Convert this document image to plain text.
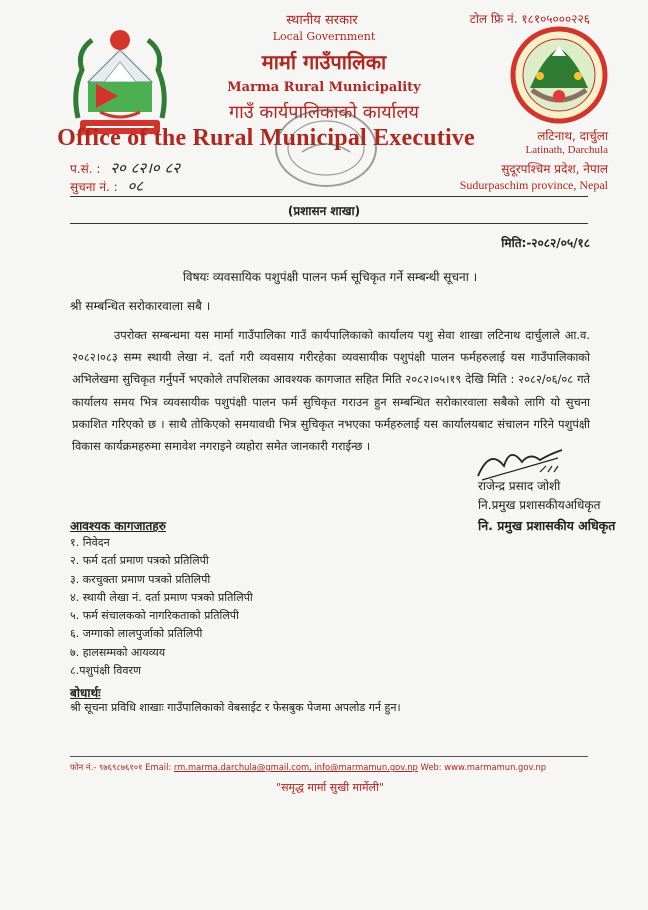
स्थानीय सरकार
Local Government
मार्मा गाउँपालिका
Marma Rural Municipality
गाउँ कार्यपालिकाको कार्यालय
Office of the Rural Municipal Executive
टोल फ्रि नं. १८१०५०००२२६
लटिनाथ, दार्चुला
Latinath, Darchula
सुदूरपश्चिम प्रदेश, नेपाल
Sudurpaschim province, Nepal
प.सं. : २० ८२।० ८२
सुचना नं. : ०८
(प्रशासन शाखा)
मिति:-२०८२/०५/१८
विषयः व्यवसायिक पशुपंक्षी पालन फर्म सूचिकृत गर्ने सम्बन्धी सूचना ।
श्री सम्बन्धित सरोकारवाला सबै ।
उपरोक्त सम्बन्धमा यस मार्मा गाउँपालिका गाउँ कार्यपालिकाको कार्यालय पशु सेवा शाखा लटिनाथ दार्चुलाले आ.व. २०८२।०८३ सम्म स्थायी लेखा नं. दर्ता गरी व्यवसाय गरीरहेका व्यवसायीक पशुपंक्षी पालन फर्महरुलाई यस गाउँपालिकाको अभिलेखमा सुचिकृत गर्नुपर्ने भएकोले तपशिलका आवश्यक कागजात सहित मिति २०८२।०५।१९ देखि मिति : २०८२/०६/०८ गते कार्यालय समय भित्र व्यवसायीक पशुपंक्षी पालन फर्म सुचिकृत गराउन हुन सम्बन्धित सरोकारवाला सबैको लागि यो सुचना प्रकाशित गरिएको छ । साथै तोकिएको समयावधी भित्र सुचिकृत नभएका फर्महरुलाई यस कार्यालयबाट संचालन गरिने पशुपंक्षी विकास कार्यक्रमहरुमा समावेश नगराइने व्यहोरा समेत जानकारी गराईन्छ ।
राजेन्द्र प्रसाद जोशी
नि.प्रमुख प्रशासकीयअधिकृत
नि. प्रमुख प्रशासकीय अधिकृत
आवश्यक कागजातहरु
१. निवेदन
२. फर्म दर्ता प्रमाण पत्रको प्रतिलिपी
३. करचुक्ता प्रमाण पत्रको प्रतिलिपी
४. स्थायी लेखा नं. दर्ता प्रमाण पत्रको प्रतिलिपी
५. फर्म संचालकको नागरिकताको प्रतिलिपी
६. जग्गाको लालपुर्जाको प्रतिलिपी
७. हालसम्मको आयव्यय
८.पशुपंक्षी विवरण
बोधार्थः
श्री सूचना प्रविधि शाखाः गाउँपालिकाको वेबसाईट र फेसबुक पेजमा अपलोड गर्न हुन।
फोन नं.- ९७६९८७६१०१ Email: rm.marma.darchula@gmail.com, info@marmamun.gov.np Web: www.marmamun.gov.np
"समृद्ध मार्मा सुखी मार्मेली"
